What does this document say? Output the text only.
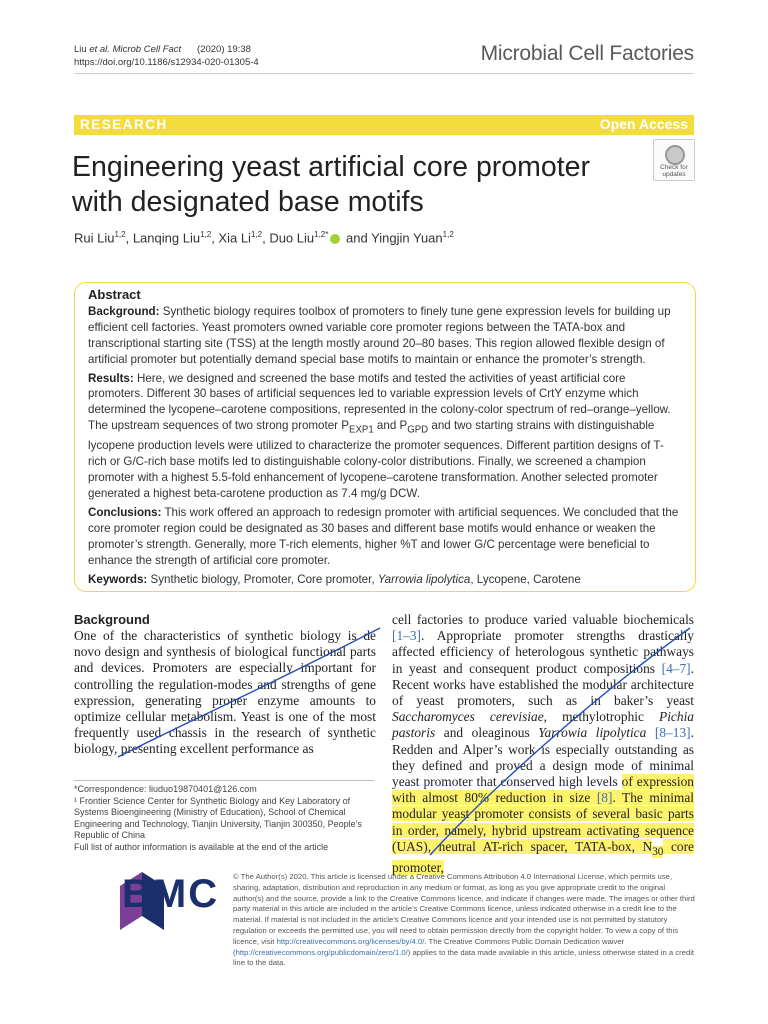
Liu et al. Microb Cell Fact (2020) 19:38
https://doi.org/10.1186/s12934-020-01305-4	Microbial Cell Factories
RESEARCH	Open Access
Engineering yeast artificial core promoter
with designated base motifs
Check for updates
Rui Liu$^{1,2}$, Lanqing Liu$^{1,2}$, Xia Li$^{1,2}$, Duo Liu$^{1,2*}$ and Yingjin Yuan$^{1,2}$
Abstract

Background: Synthetic biology requires toolbox of promoters to finely tune gene expression levels for building up efficient cell factories. Yeast promoters owned variable core promoter regions between the TATA-box and transcriptional starting site (TSS) at the length mostly around 20–80 bases. This region allowed flexible design of artificial promoter but potentially demand special base motifs to maintain or enhance the promoter’s strength.

Results: Here, we designed and screened the base motifs and tested the activities of yeast artificial core promoters. Different 30 bases of artificial sequences led to variable expression levels of CrtY enzyme which determined the lycopene–carotene compositions, represented in the colony-color spectrum of red–orange–yellow. The upstream sequences of two strong promoter $P_{EXP1}$ and $P_{GPD}$ and two starting strains with distinguishable lycopene production levels were utilized to characterize the promoter sequences. Different partition designs of T-rich or G/C-rich base motifs led to distinguishable colony-color distributions. Finally, we screened a champion promoter with a highest 5.5-fold enhancement of lycopene–carotene transformation. Another selected promoter generated a highest beta-carotene production as 7.4 mg/g DCW.

Conclusions: This work offered an approach to redesign promoter with artificial sequences. We concluded that the core promoter region could be designated as 30 bases and different base motifs would enhance or weaken the promoter’s strength. Generally, more T-rich elements, higher %T and lower G/C percentage were beneficial to enhance the strength of artificial core promoter.

Keywords: Synthetic biology, Promoter, Core promoter, Yarrowia lipolytica, Lycopene, Carotene

Background
One of the characteristics of synthetic biology is de novo design and synthesis of biological functional parts and devices. Promoters are especially important for controlling the regulation-modes and strengths of gene expression, generating proper enzyme amounts to optimize cellular metabolism. Yeast is one of the most frequently used chassis in the research of synthetic biology, presenting excellent performance as
cell factories to produce varied valuable biochemicals [1–3]. Appropriate promoter strengths drastically affected efficiency of heterologous synthetic pathways in yeast and consequent product compositions [4–7]. Recent works have established the modular architecture of yeast promoters, such as in baker’s yeast Saccharomyces cerevisiae, methylotrophic Pichia pastoris and oleaginous Yarrowia lipolytica [8–13]. Redden and Alper’s work is especially outstanding as they defined and proved a design mode of minimal yeast promoter that conserved high levels of expression with almost 80% reduction in size [8]. The minimal modular yeast promoter consists of several basic parts in order, namely, hybrid upstream activating sequence (UAS), neutral AT-rich spacer, TATA-box, $N_{30}$ core promoter,
*Correspondence: liuduo19870401@126.com
¹ Frontier Science Center for Synthetic Biology and Key Laboratory of Systems Bioengineering (Ministry of Education), School of Chemical Engineering and Technology, Tianjin University, Tianjin 300350, People’s Republic of China
Full list of author information is available at the end of the article
BMC © The Author(s) 2020. This article is licensed under a Creative Commons Attribution 4.0 International License, which permits use, sharing, adaptation, distribution and reproduction in any medium or format, as long as you give appropriate credit to the original author(s) and the source, provide a link to the Creative Commons licence, and indicate if changes were made. The images or other third party material in this article are included in the article’s Creative Commons licence, unless indicated otherwise in a credit line to the material. If material is not included in the article’s Creative Commons licence and your intended use is not permitted by statutory regulation or exceeds the permitted use, you will need to obtain permission directly from the copyright holder. To view a copy of this licence, visit http://creativecommons.org/licenses/by/4.0/. The Creative Commons Public Domain Dedication waiver (http://creativecommons.org/publicdomain/zero/1.0/) applies to the data made available in this article, unless otherwise stated in a credit line to the data.
